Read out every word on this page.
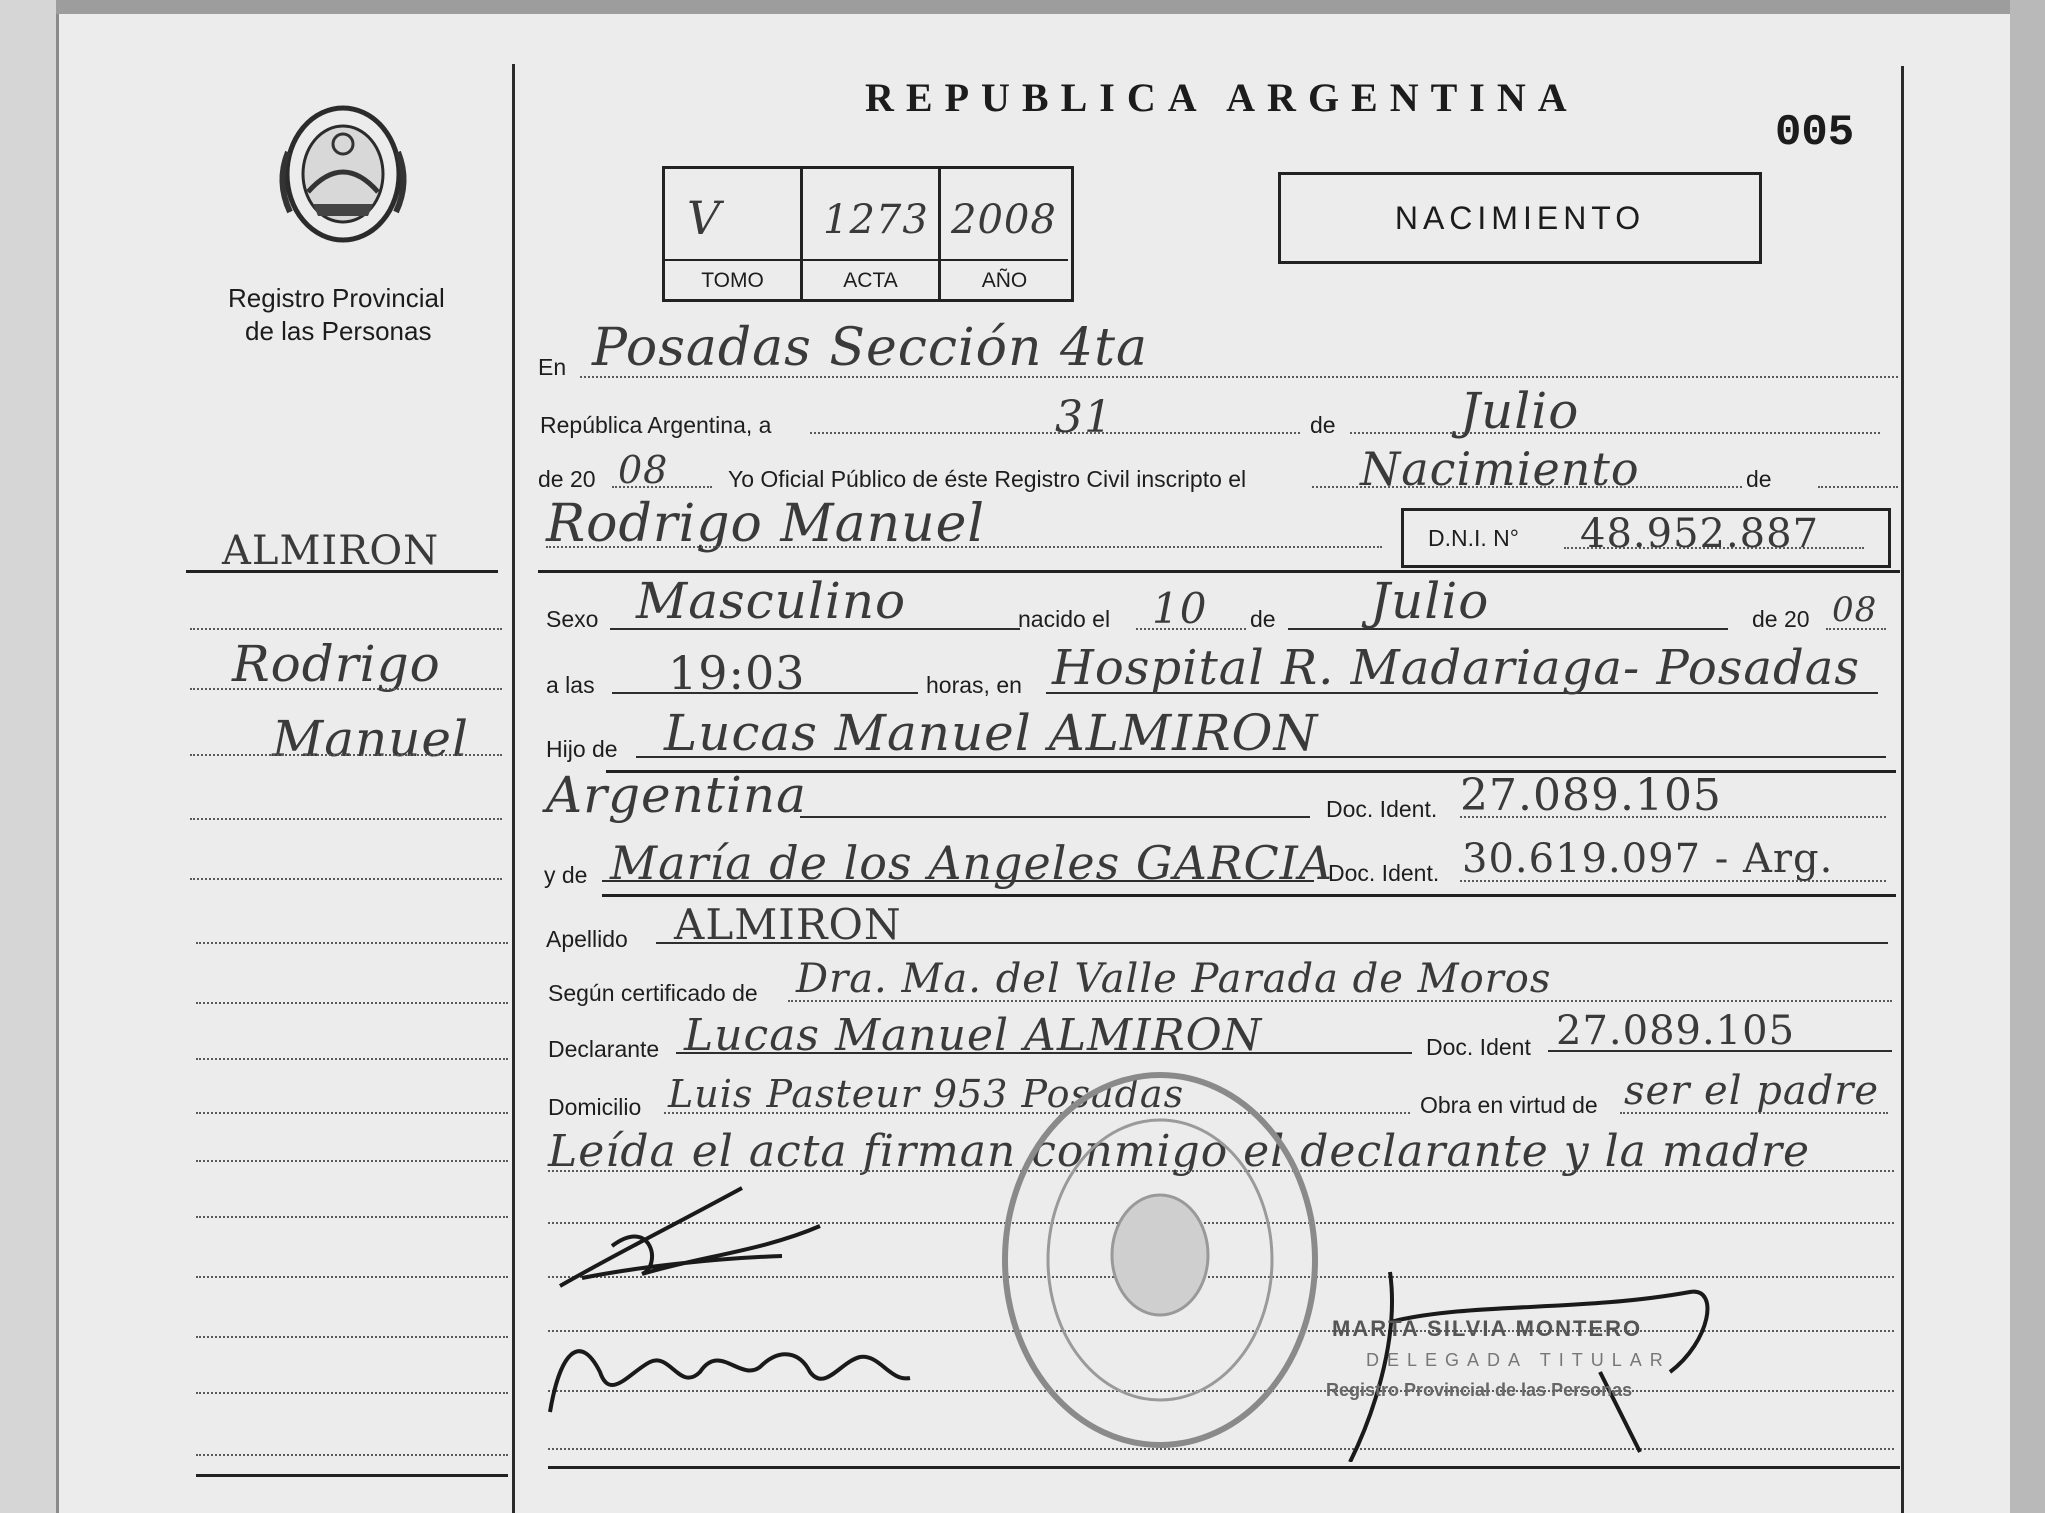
Registro Provincial
de las Personas
REPUBLICA ARGENTINA
005
V	1273 2008
TOMO	ACTA	AÑO
NACIMIENTO
ALMIRON
Rodrigo
Manuel
En Posadas Sección 4ta
República Argentina, a	31	de Julio
de 20 08	Yo Oficial Público de éste Registro Civil inscripto el Nacimiento	de
Rodrigo Manuel	D.N.I. N° 48.952.887
Sexo Masculino	nacido el 10 de Julio	de 20 08
a las 19:03	horas, en Hospital R. Madariaga- Posadas
Hijo de Lucas Manuel ALMIRON
Argentina	Doc. Ident. 27.089.105
y de María de los Angeles GARCIA
Doc. Ident. 30.619.097 - Arg.
Apellido ALMIRON
Según certificado de Dra. Ma. del Valle Parada de Moros
Declarante Lucas Manuel ALMIRON	Doc. Ident 27.089.105
Domicilio Luis Pasteur 953 Posadas	Obra en virtud de ser el padre
Leída el acta firman conmigo el declarante y la madre
MARTA SILVIA MONTERO
DELEGADA TITULAR
Registro Provincial de las Personas
